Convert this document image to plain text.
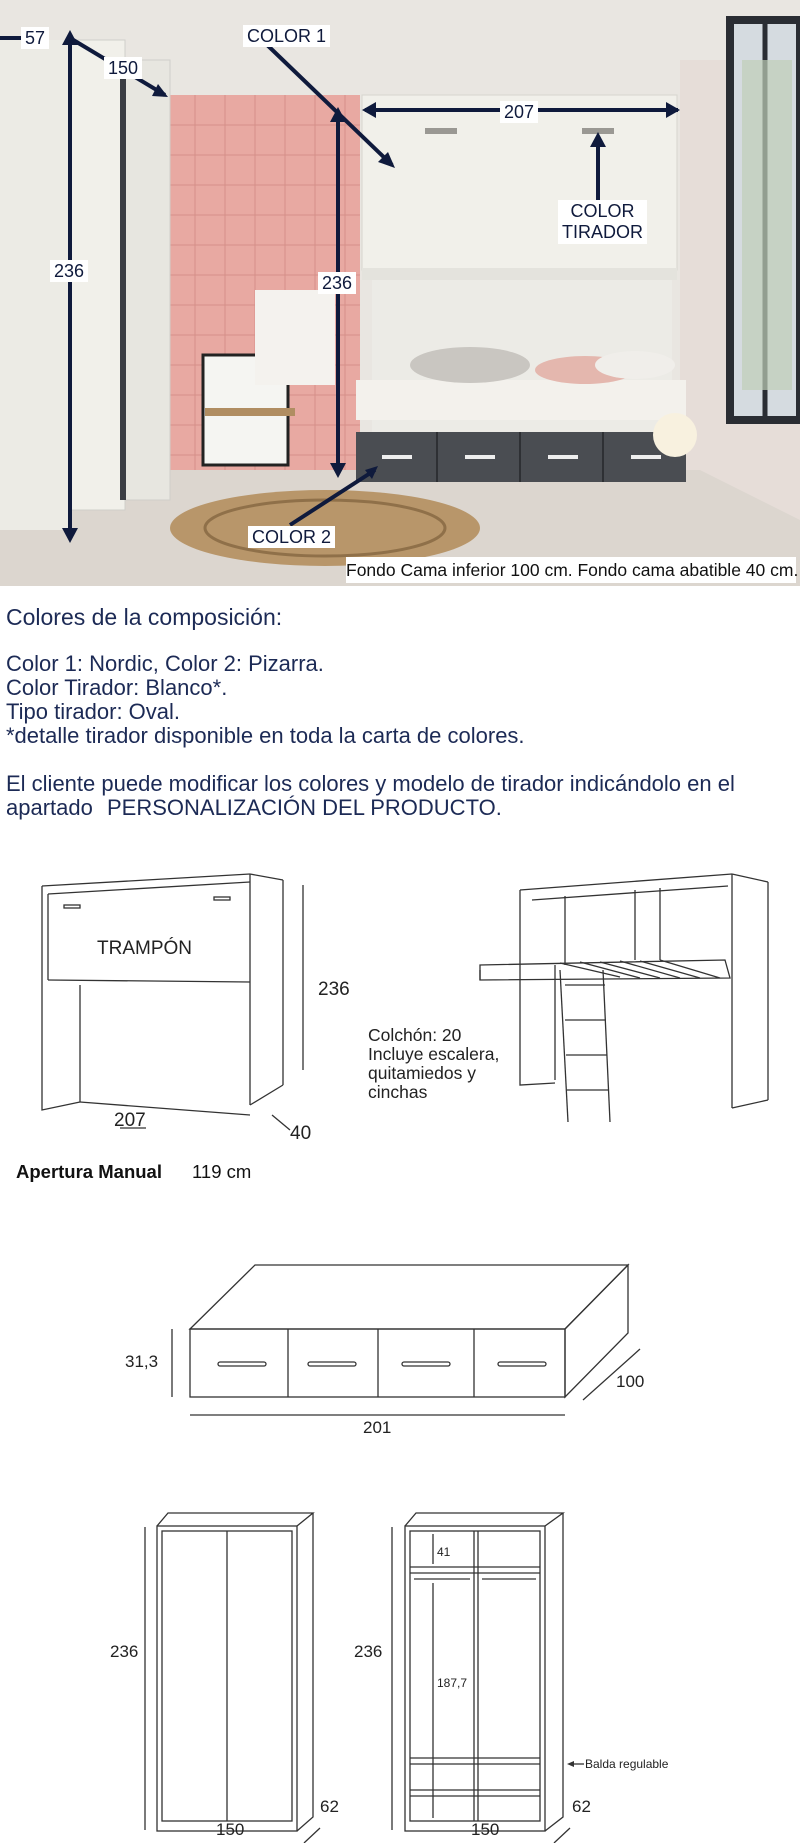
57
150
236
COLOR 1
207
236
COLOR
TIRADOR
COLOR 2
Fondo Cama inferior 100 cm. Fondo cama abatible 40 cm.
Colores de la composición:
Color 1: Nordic, Color 2: Pizarra.
Color Tirador: Blanco*.
Tipo tirador: Oval.
*detalle tirador disponible en toda la carta de colores.
El cliente puede modificar los colores y modelo de tirador indicándolo en el
apartado PERSONALIZACIÓN DEL PRODUCTO.
TRAMPÓN
236
207
40
Colchón: 20
Incluye escalera,
quitamiedos y
cinchas
Apertura Manual 119 cm
31,3
201
100
236
150
62
236
150
62
41
187,7
Balda regulable
